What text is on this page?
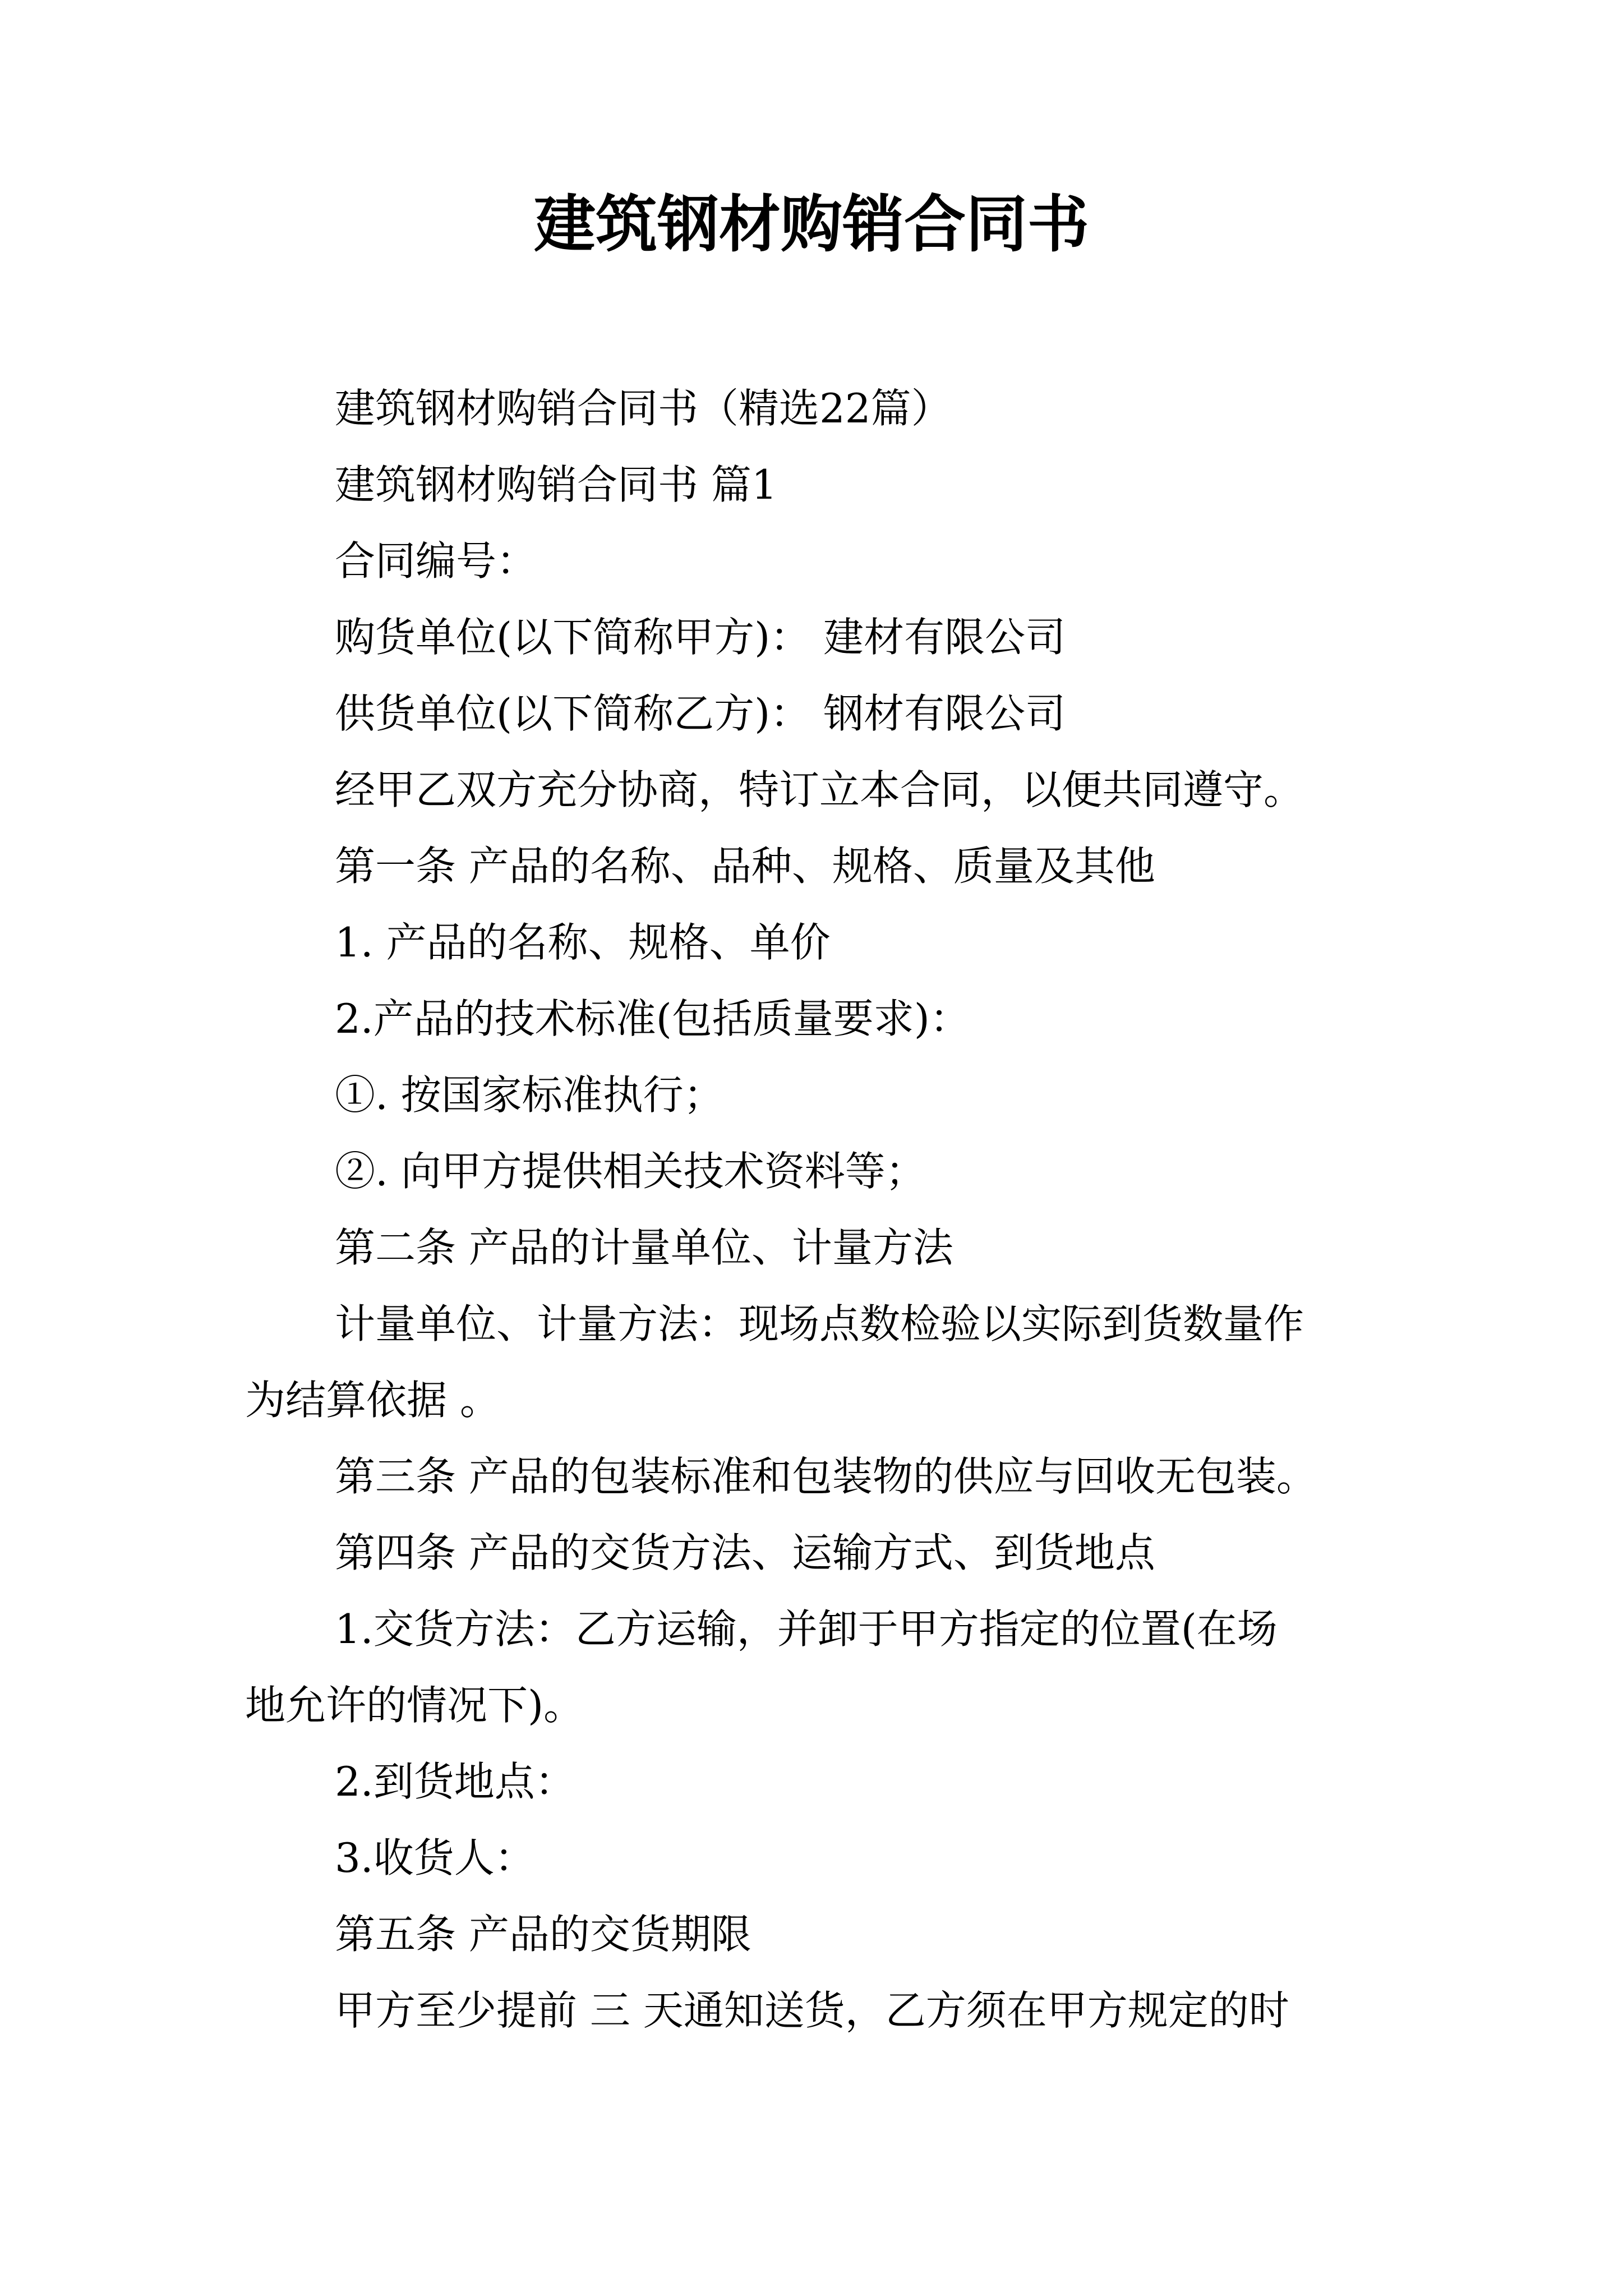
建筑钢材购销合同书
建筑钢材购销合同书（精选22篇）
建筑钢材购销合同书 篇1
合同编号：
购货单位(以下简称甲方)： 建材有限公司
供货单位(以下简称乙方)： 钢材有限公司
经甲乙双方充分协商，特订立本合同，以便共同遵守。
第一条 产品的名称、品种、规格、质量及其他
1. 产品的名称、规格、单价
2.产品的技术标准(包括质量要求)：
①. 按国家标准执行；
②. 向甲方提供相关技术资料等；
第二条 产品的计量单位、计量方法
计量单位、计量方法：现场点数检验以实际到货数量作
为结算依据 。
第三条 产品的包装标准和包装物的供应与回收无包装。
第四条 产品的交货方法、运输方式、到货地点
1.交货方法：乙方运输，并卸于甲方指定的位置(在场
地允许的情况下)。
2.到货地点：
3.收货人：
第五条 产品的交货期限
甲方至少提前 三 天通知送货，乙方须在甲方规定的时
